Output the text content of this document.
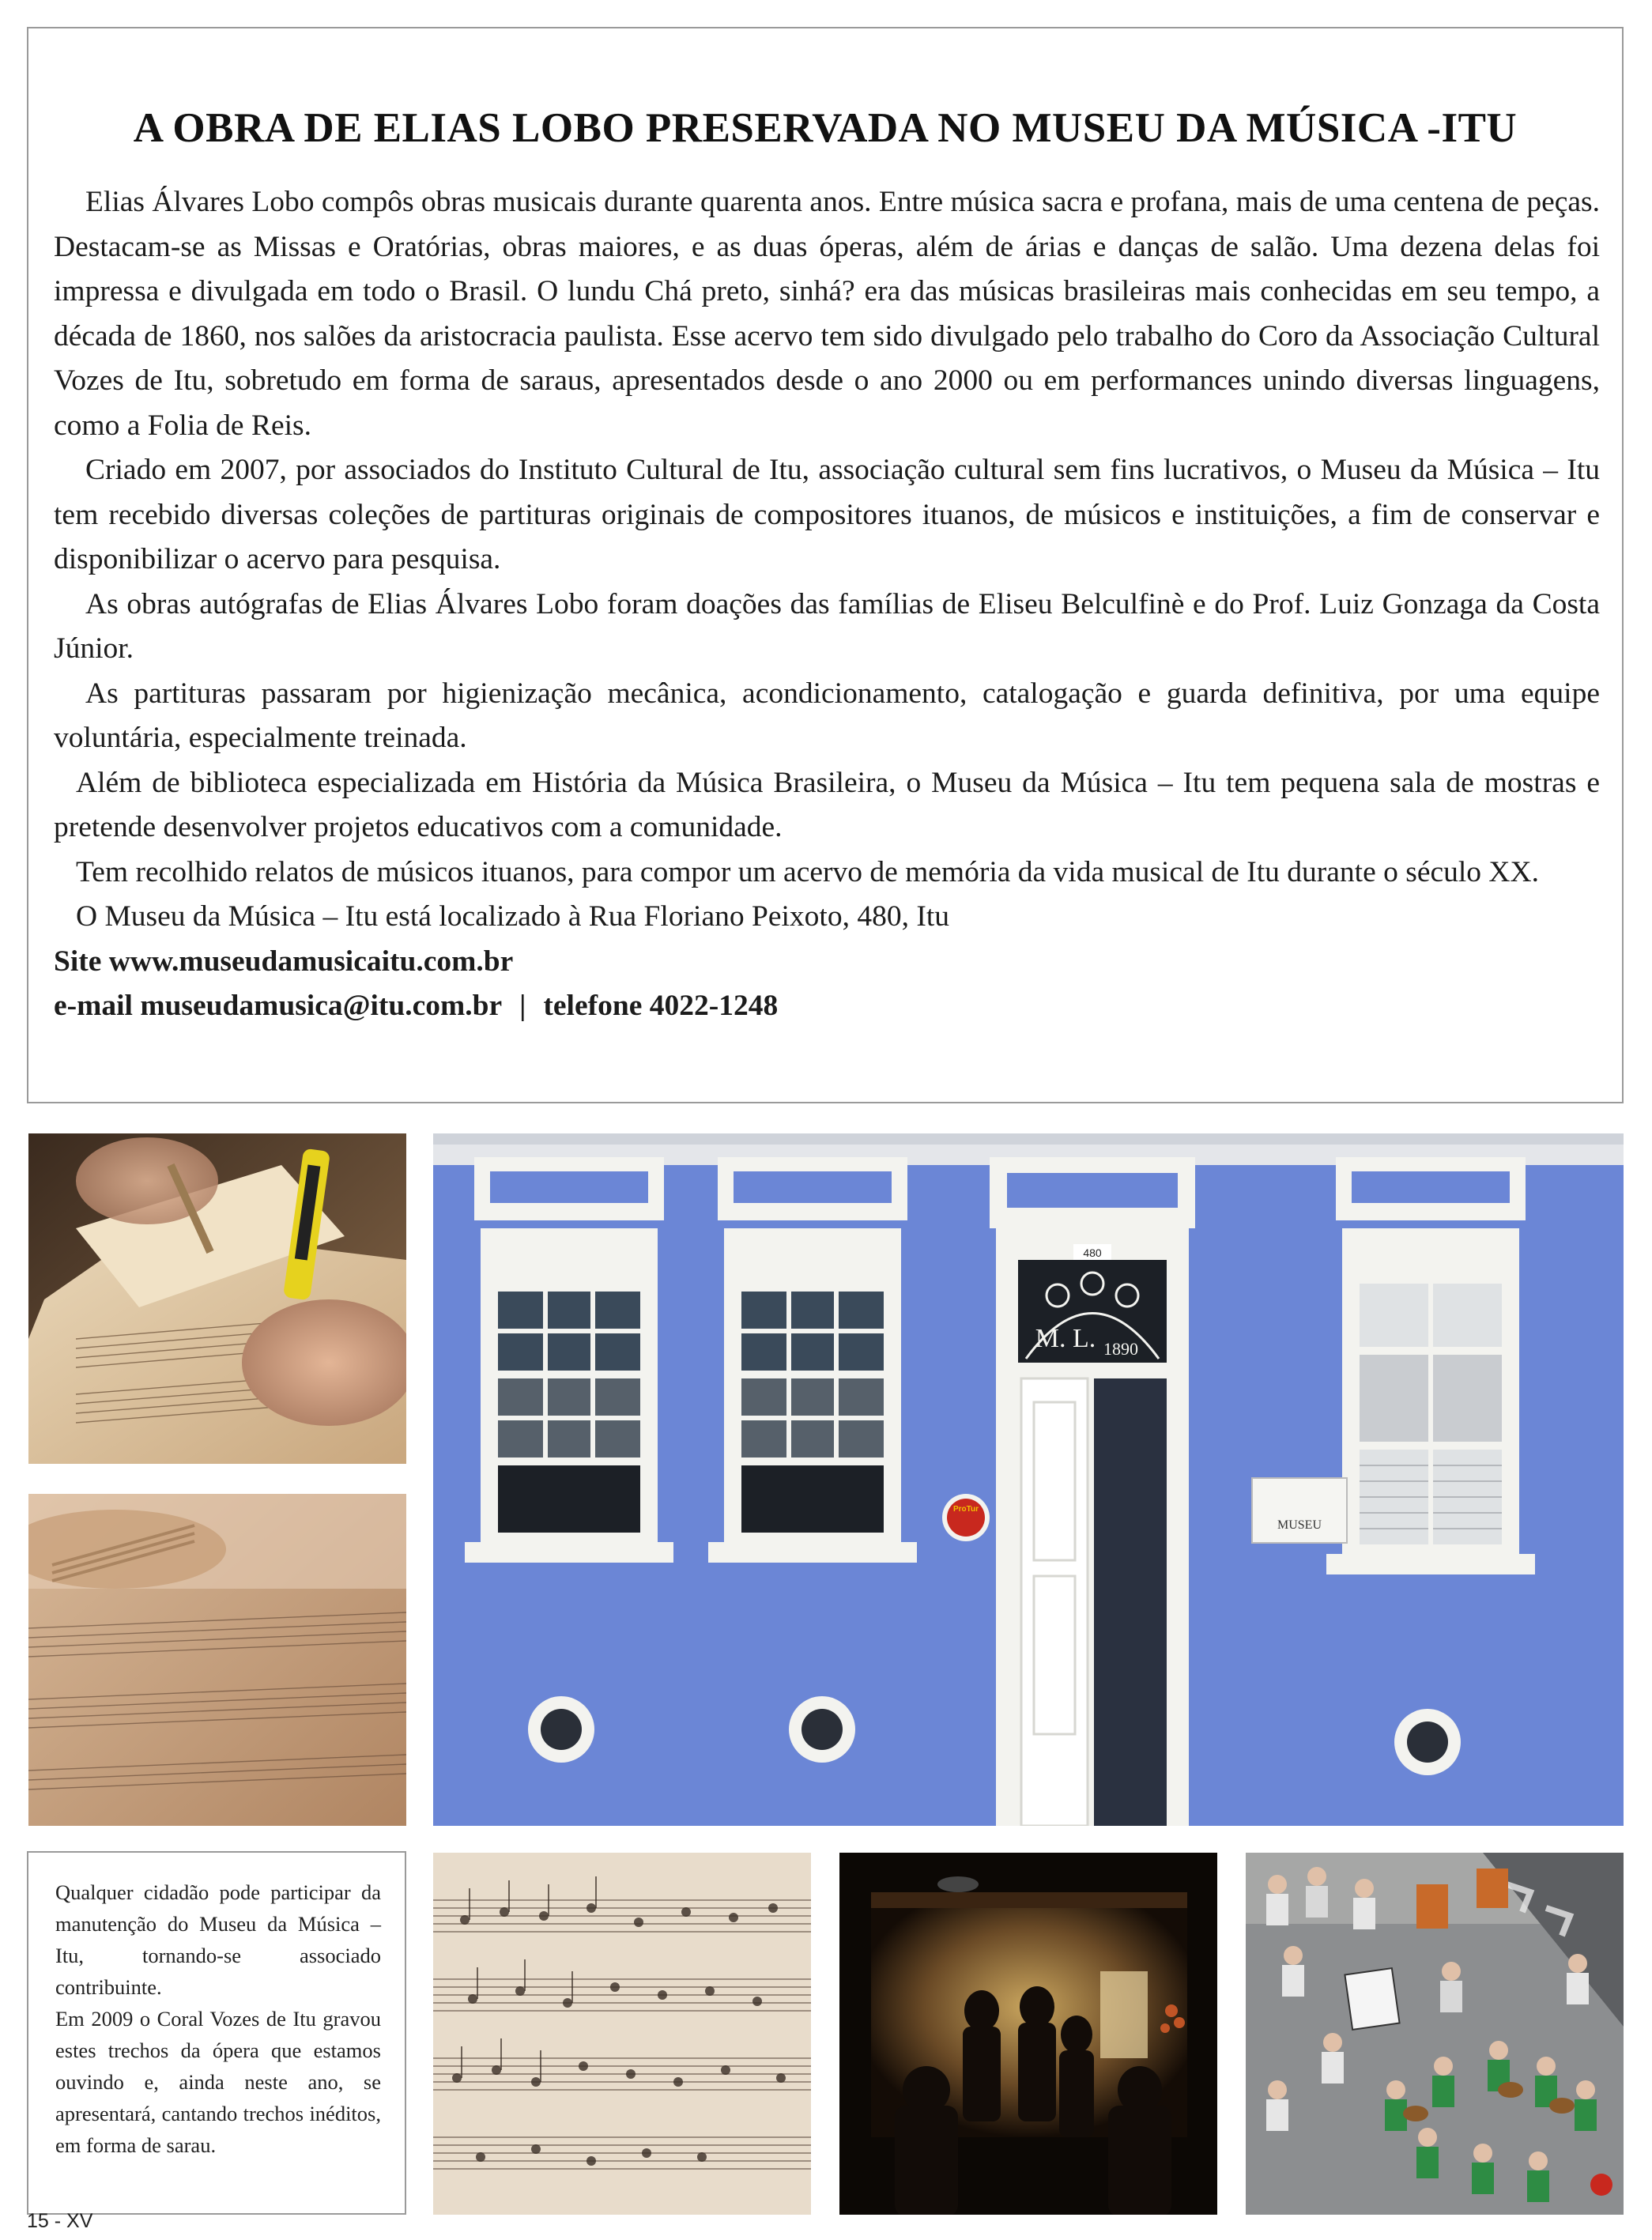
A OBRA DE ELIAS LOBO PRESERVADA NO MUSEU DA MÚSICA -ITU

Elias Álvares Lobo compôs obras musicais durante quarenta anos. Entre música sacra e profana, mais de uma centena de peças. Destacam-se as Missas e Oratórias, obras maiores, e as duas óperas, além de árias e danças de salão. Uma dezena delas foi impressa e divulgada em todo o Brasil. O lundu Chá preto, sinhá? era das músicas brasileiras mais conhecidas em seu tempo, a década de 1860, nos salões da aristocracia paulista. Esse acervo tem sido divulgado pelo trabalho do Coro da Associação Cultural Vozes de Itu, sobretudo em forma de saraus, apresentados desde o ano 2000 ou em performances unindo diversas linguagens, como a Folia de Reis.

Criado em 2007, por associados do Instituto Cultural de Itu, associação cultural sem fins lucrativos, o Museu da Música – Itu tem recebido diversas coleções de partituras originais de compositores ituanos, de músicos e instituições, a fim de conservar e disponibilizar o acervo para pesquisa.

As obras autógrafas de Elias Álvares Lobo foram doações das famílias de Eliseu Belculfinè e do Prof. Luiz Gonzaga da Costa Júnior.

As partituras passaram por higienização mecânica, acondicionamento, catalogação e guarda definitiva, por uma equipe voluntária, especialmente treinada.

Além de biblioteca especializada em História da Música Brasileira, o Museu da Música – Itu tem pequena sala de mostras e pretende desenvolver projetos educativos com a comunidade.

Tem recolhido relatos de músicos ituanos, para compor um acervo de memória da vida musical de Itu durante o século XX.

O Museu da Música – Itu está localizado à Rua Floriano Peixoto, 480, Itu

Site www.museudamusicaitu.com.br

e-mail museudamusica@itu.com.br | telefone 4022-1248

480
M. L. 1890
ProTur
MUSEU

Qualquer cidadão pode participar da manutenção do Museu da Música – Itu, tornando-se associado contribuinte.

Em 2009 o Coral Vozes de Itu gravou estes trechos da ópera que estamos ouvindo e, ainda neste ano, se apresentará, cantando trechos inéditos, em forma de sarau.

15 - XV
